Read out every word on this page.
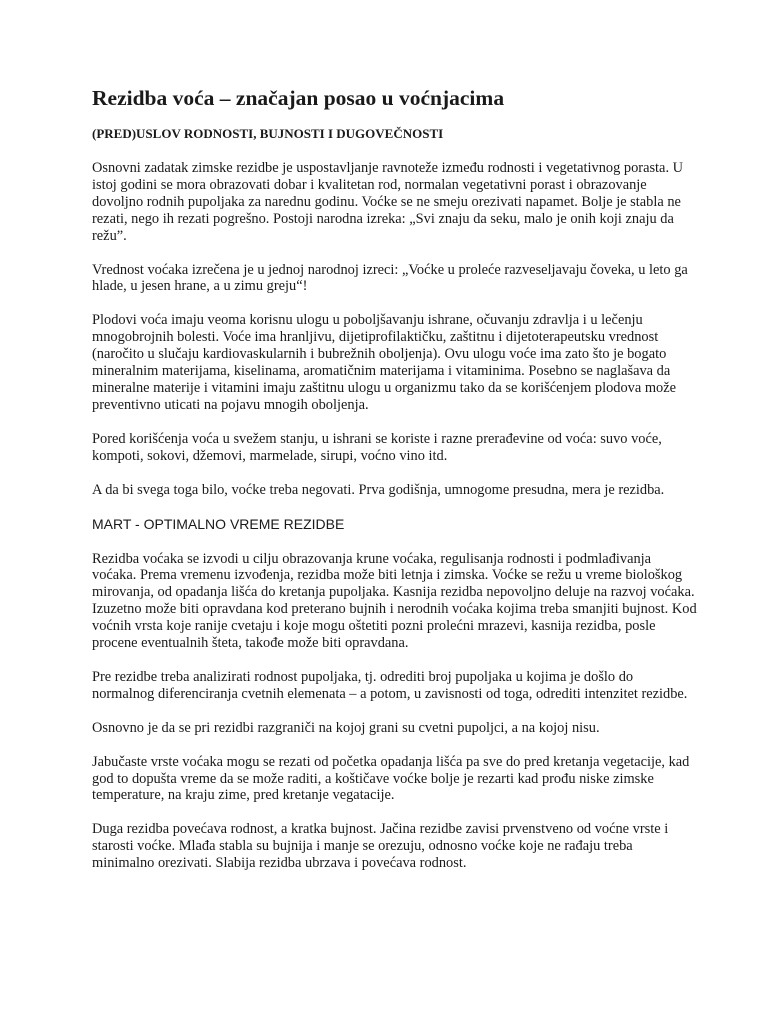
Rezidba voća – značajan posao u voćnjacima
(PRED)USLOV RODNOSTI, BUJNOSTI I DUGOVEČNOSTI

Osnovni zadatak zimske rezidbe je uspostavljanje ravnoteže između rodnosti i vegetativnog porasta. U istoj godini se mora obrazovati dobar i kvalitetan rod, normalan vegetativni porast i obrazovanje dovoljno rodnih pupoljaka za narednu godinu. Voćke se ne smeju orezivati napamet. Bolje je stabla ne rezati, nego ih rezati pogrešno. Postoji narodna izreka: „Svi znaju da seku, malo je onih koji znaju da režu”.

Vrednost voćaka izrečena je u jednoj narodnoj izreci: „Voćke u proleće razveseljavaju čoveka, u leto ga hlade, u jesen hrane, a u zimu greju“!

Plodovi voća imaju veoma korisnu ulogu u poboljšavanju ishrane, očuvanju zdravlja i u lečenju mnogobrojnih bolesti. Voće ima hranljivu, dijetiprofilaktičku, zaštitnu i dijetoterapeutsku vrednost (naročito u slučaju kardiovaskularnih i bubrežnih oboljenja). Ovu ulogu voće ima zato što je bogato mineralnim materijama, kiselinama, aromatičnim materijama i vitaminima. Posebno se naglašava da mineralne materije i vitamini imaju zaštitnu ulogu u organizmu tako da se korišćenjem plodova može preventivno uticati na pojavu mnogih oboljenja.

Pored korišćenja voća u svežem stanju, u ishrani se koriste i razne prerađevine od voća: suvo voće, kompoti, sokovi, džemovi, marmelade, sirupi, voćno vino itd.

A da bi svega toga bilo, voćke treba negovati. Prva godišnja, umnogome presudna, mera je rezidba.

MART - OPTIMALNO VREME REZIDBE

Rezidba voćaka se izvodi u cilju obrazovanja krune voćaka, regulisanja rodnosti i podmlađivanja voćaka. Prema vremenu izvođenja, rezidba može biti letnja i zimska. Voćke se režu u vreme biološkog mirovanja, od opadanja lišća do kretanja pupoljaka. Kasnija rezidba nepovoljno deluje na razvoj voćaka. Izuzetno može biti opravdana kod preterano bujnih i nerodnih voćaka kojima treba smanjiti bujnost. Kod voćnih vrsta koje ranije cvetaju i koje mogu oštetiti pozni prolećni mrazevi, kasnija rezidba, posle procene eventualnih šteta, takođe može biti opravdana.

Pre rezidbe treba analizirati rodnost pupoljaka, tj. odrediti broj pupoljaka u kojima je došlo do normalnog diferenciranja cvetnih elemenata – a potom, u zavisnosti od toga, odrediti intenzitet rezidbe.

Osnovno je da se pri rezidbi razgraniči na kojoj grani su cvetni pupoljci, a na kojoj nisu.

Jabučaste vrste voćaka mogu se rezati od početka opadanja lišća pa sve do pred kretanja vegetacije, kad god to dopušta vreme da se može raditi, a koštičave voćke bolje je rezarti kad prođu niske zimske temperature, na kraju zime, pred kretanje vegatacije.

Duga rezidba povećava rodnost, a kratka bujnost. Jačina rezidbe zavisi prvenstveno od voćne vrste i starosti voćke. Mlađa stabla su bujnija i manje se orezuju, odnosno voćke koje ne rađaju treba minimalno orezivati. Slabija rezidba ubrzava i povećava rodnost.
